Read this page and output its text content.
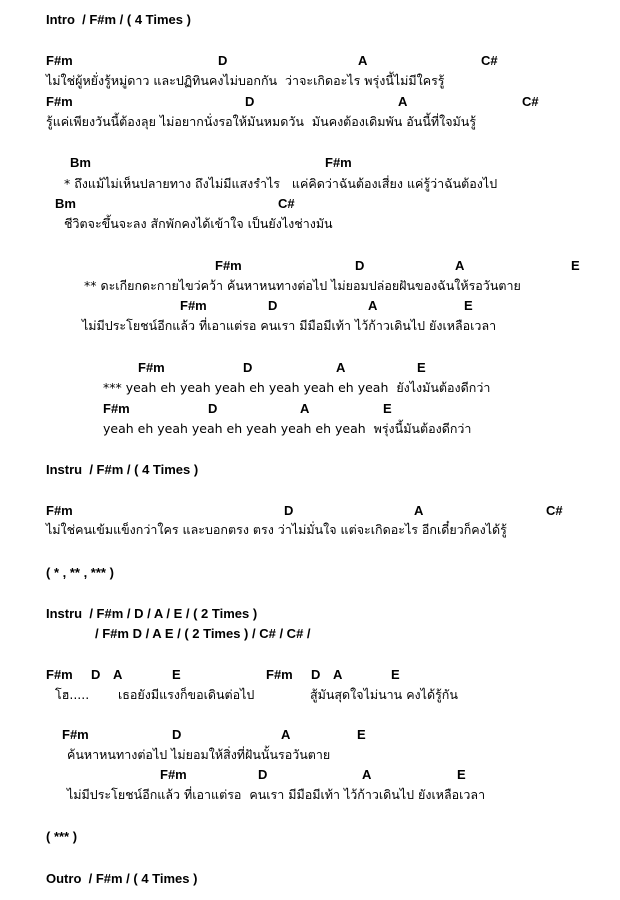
Intro  / F#m / ( 4 Times )
F#m	D	A	C#
ไม่ใช่ผู้หยั่งรู้หมู่ดาว และปฏิทินคงไม่บอกกัน  ว่าจะเกิดอะไร พรุ่งนี้ไม่มีใครรู้
F#m	D	A	C#
รู้แค่เพียงวันนี้ต้องลุย ไม่อยากนั่งรอให้มันหมดวัน  มันคงต้องเดิมพัน อันนี้ที่ใจมันรู้
Bm	F#m
* ถึงแม้ไม่เห็นปลายทาง ถึงไม่มีแสงรำไร   แค่คิดว่าฉันต้องเสี่ยง แค่รู้ว่าฉันต้องไป
Bm	C#
ชีวิตจะขึ้นจะลง สักพักคงได้เข้าใจ เป็นยังไงช่างมัน
F#m	D	A	E
** ดะเกียกดะกายไขว่คว้า ค้นหาหนทางต่อไป ไม่ยอมปล่อยฝันของฉันให้รอวันตาย
F#m	D	A	E
ไม่มีประโยชน์อีกแล้ว ที่เอาแต่รอ คนเรา มีมือมีเท้า ไว้ก้าวเดินไป ยังเหลือเวลา
F#m	D	A	E
*** yeah eh yeah yeah eh yeah yeah eh yeah  ยังไงมันต้องดีกว่า
F#m	D	A	E
yeah eh yeah yeah eh yeah yeah eh yeah  พรุ่งนี้มันต้องดีกว่า
Instru  / F#m / ( 4 Times )
F#m	D	A	C#
ไม่ใช่คนเข้มแข็งกว่าใคร และบอกตรง ตรง ว่าไม่มั่นใจ แต่จะเกิดอะไร อีกเดี๋ยวก็คงได้รู้
( * , ** , *** )
Instru  / F#m / D / A / E / ( 2 Times )
/ F#m D / A E / ( 2 Times ) / C# / C# /
F#m D A	E	F#m D A	E
โฮ..... เธอยังมีแรงก็ขอเดินต่อไป	สู้มันสุดใจไม่นาน คงได้รู้กัน
F#m	D	A	E
ค้นหาหนทางต่อไป ไม่ยอมให้สิ่งที่ฝันนั้นรอวันตาย
F#m	D	A	E
ไม่มีประโยชน์อีกแล้ว ที่เอาแต่รอ  คนเรา มีมือมีเท้า ไว้ก้าวเดินไป ยังเหลือเวลา
( *** )
Outro  / F#m / ( 4 Times )
